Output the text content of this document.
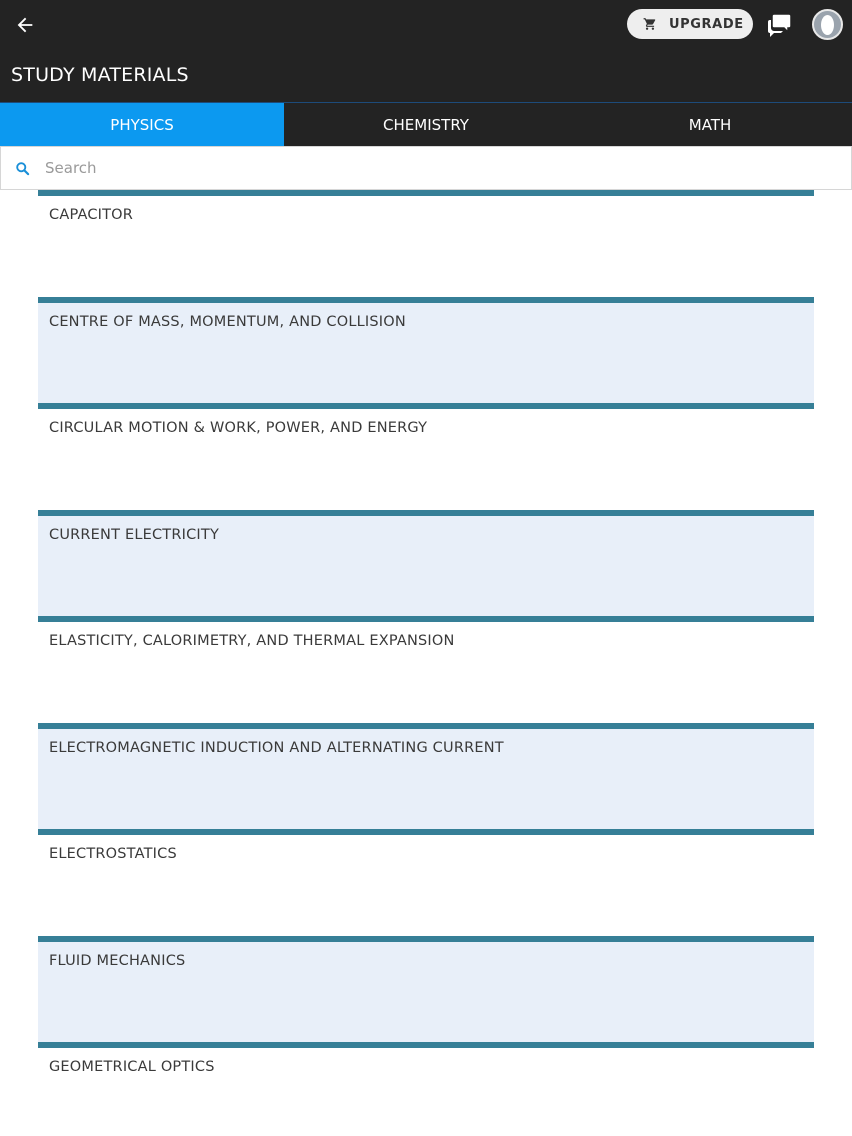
UPGRADE
STUDY MATERIALS
PHYSICS	CHEMISTRY	MATH
Search
CAPACITOR
CENTRE OF MASS, MOMENTUM, AND COLLISION
CIRCULAR MOTION & WORK, POWER, AND ENERGY
CURRENT ELECTRICITY
ELASTICITY, CALORIMETRY, AND THERMAL EXPANSION
ELECTROMAGNETIC INDUCTION AND ALTERNATING CURRENT
ELECTROSTATICS
FLUID MECHANICS
GEOMETRICAL OPTICS
